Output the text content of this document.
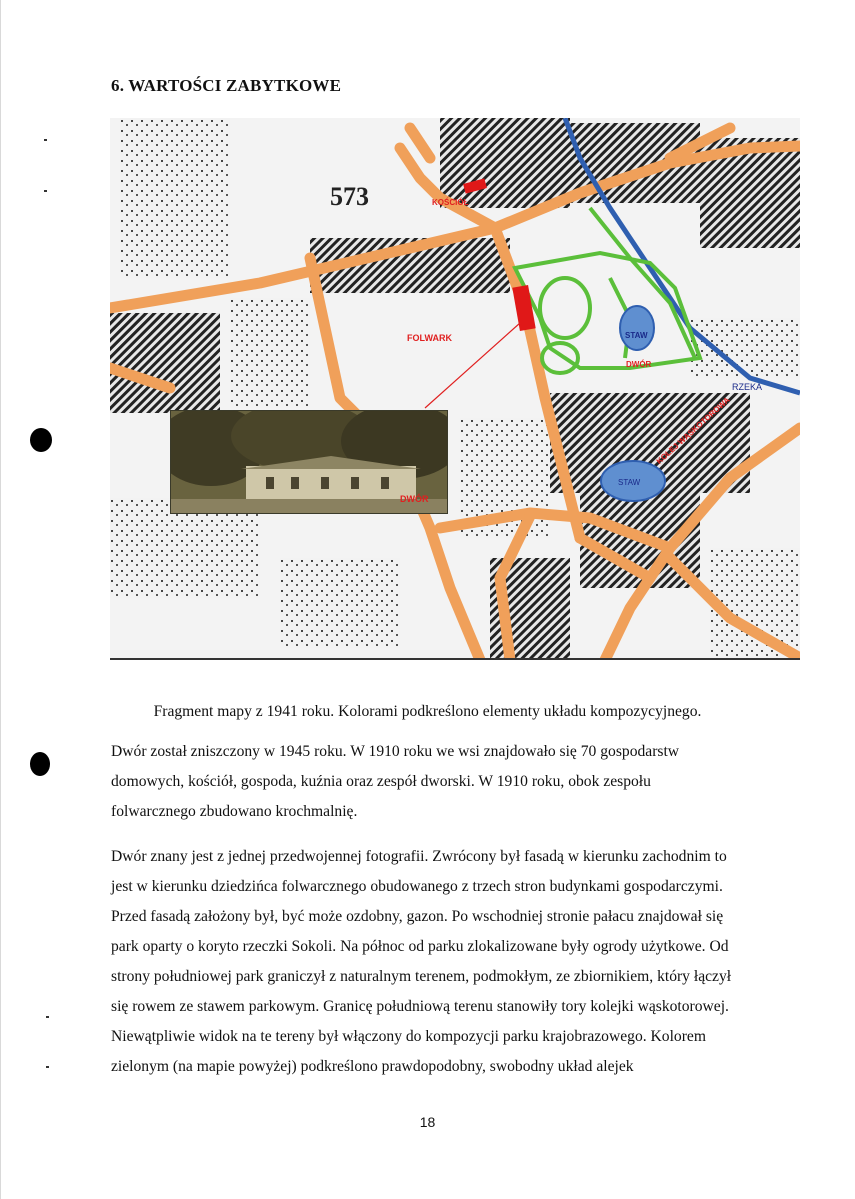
6. WARTOŚCI ZABYTKOWE
573	KOŚCIÓŁ
FOLWARK	STAW
DWÓR
RZEKA
STAW
KOLEJ WĄSKOTOROWA
DWÓR
Fragment mapy z 1941 roku. Kolorami podkreślono elementy układu kompozycyjnego.
Dwór został zniszczony w 1945 roku. W 1910 roku we wsi znajdowało się 70 gospodarstw
domowych, kościół, gospoda, kuźnia oraz zespół dworski. W 1910 roku, obok zespołu
folwarcznego zbudowano krochmalnię.
Dwór znany jest z jednej przedwojennej fotografii. Zwrócony był fasadą w kierunku zachodnim to
jest w kierunku dziedzińca folwarcznego obudowanego z trzech stron budynkami gospodarczymi.
Przed fasadą założony był, być może ozdobny, gazon. Po wschodniej stronie pałacu znajdował się
park oparty o koryto rzeczki Sokoli. Na północ od parku zlokalizowane były ogrody użytkowe. Od
strony południowej park graniczył z naturalnym terenem, podmokłym, ze zbiornikiem, który łączył
się rowem ze stawem parkowym. Granicę południową terenu stanowiły tory kolejki wąskotorowej.
Niewątpliwie widok na te tereny był włączony do kompozycji parku krajobrazowego. Kolorem
zielonym (na mapie powyżej) podkreślono prawdopodobny, swobodny układ alejek
18
